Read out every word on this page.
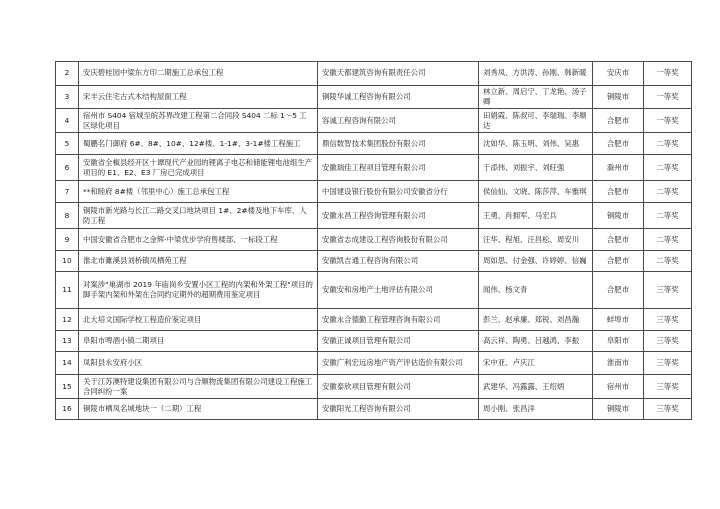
2	安庆碧桂园中梁东方印二期施工总承包工程	安徽天都建筑咨询有限责任公司	刘秀凤、方洪涛、孙刚、韩新暖	安庆市	一等奖
3	宋丰云住宅古式木结构屋面工程	铜陵华诚工程咨询有限公司	林立新、周启宁、丁龙艳、汤子卿	铜陵市	一等奖
4	宿州市 S404 宿城至皖苏界改建工程第二合同段 S404 二标 1～5 工区绿化项目	容诚工程咨询有限公司	田娟霞、陈叔可、李瑞瑞、李顺达	合肥市	一等奖
5	蜀鹏名门御府 6#、8#、10#、12#楼、1-1#、3-1#楼工程施工	鼎信数智技术集团股份有限公司	沈如华、陈玉明、刘伟、吴惠	合肥市	二等奖
6	安徽省全椒县经开区十谭现代产业园的锂离子电芯和储能锂电池组生产项目的 E1、E2、E3 厂房已完成项目	安徽瑞佳工程项目管理有限公司	于添伟、刘振宇、刘旺强	滁州市	二等奖
7	**和睦府 8#楼（邻里中心）施工总承包工程	中国建设银行股份有限公司安徽省分行	侯仙仙、文晓、陈莎萍、车雅琪	合肥市	二等奖
8	铜陵市新光路与长江二路交叉口地块项目 1#、2#楼及地下车库、人防工程	安徽永昌工程咨询管理有限公司	王勇、肖拥军、马宏兵	铜陵市	二等奖
9	中国安徽省合肥市之金辉·中梁优步学府售楼部、一标段工程	安徽省志成建设工程咨询股份有限公司	汪华、程旭、汪昌松、周安川	合肥市	二等奖
10	淮北市濉溪县刘桥镇凤栖苑工程	安徽凯吉通工程咨询有限公司	周如思、付金强、许婷婷、信巍	合肥市	二等奖
11	对案涉"巢湖市 2019 年庙岗乡安置小区工程的内架和外架工程"项目的脚手架内架和外架在合同约定期外的超期费用鉴定项目	安徽安和房地产土地评估有限公司	闻伟、杨文青	合肥市	三等奖
12	北大培文国际学校工程造价鉴定项目	安徽永合德勤工程管理咨询有限公司	彭兰、赵承廉、郑锐、刘昌瀚	蚌埠市	三等奖
13	阜阳市啤酒小镇二期项目	安徽正诚项目管理有限公司	高云祥、陶勇、吕越鸿、李振	阜阳市	三等奖
14	凤阳县永安府小区	安徽广利宏远房地产资产评估造价有限公司	宋中亚、卢庆江	淮南市	三等奖
15	关于江苏澳特建设集团有限公司与合顺物流集团有限公司建设工程施工合同纠纷一案	安徽泰欣项目管理有限公司	武建华、冯露露、王绍炳	宿州市	三等奖
16	铜陵市栖凤名城地块一（二期）工程	安徽阳光工程咨询有限公司	周小刚、张昌洋	铜陵市	三等奖
